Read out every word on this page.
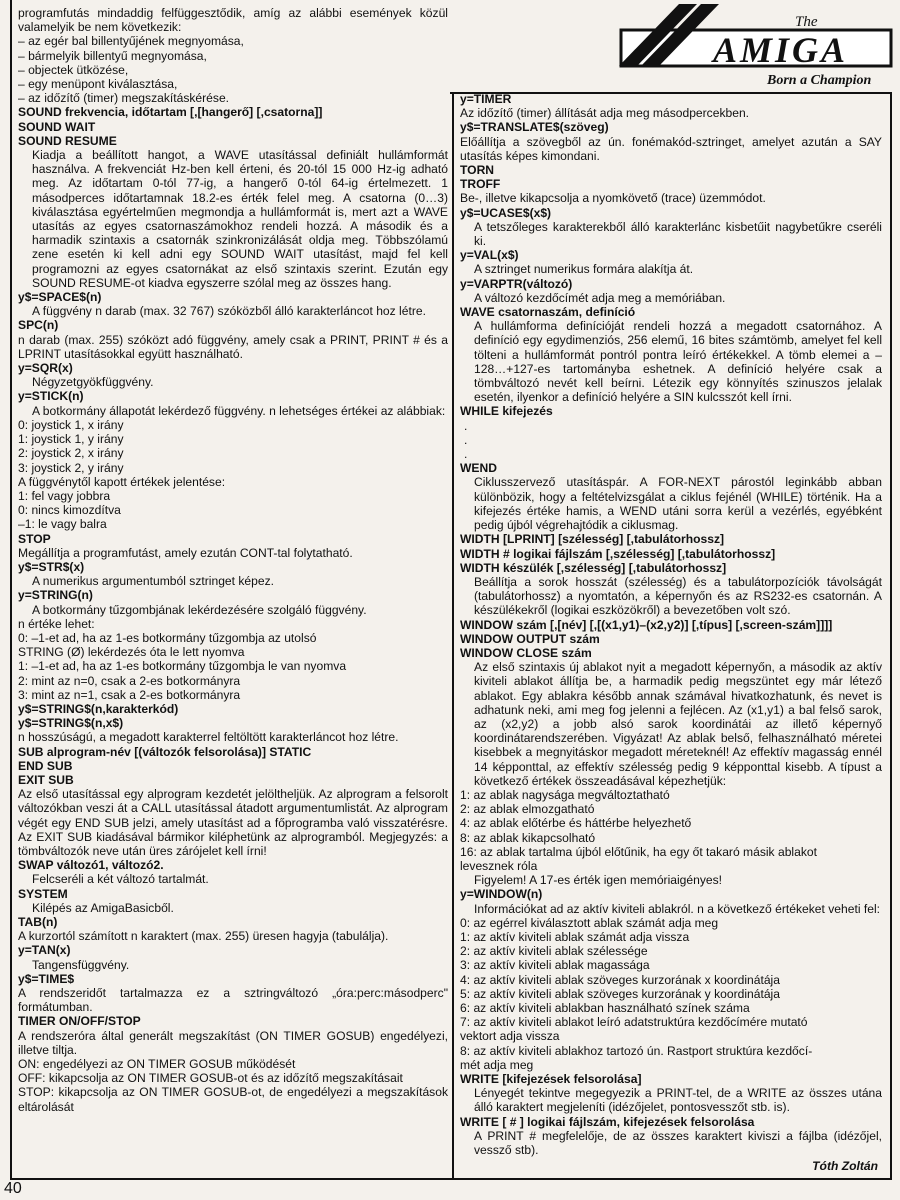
AMIGA
The
Born a Champion
programfutás mindaddig felfüggesztődik, amíg az alábbi események közül valamelyik be nem következik:
– az egér bal billentyűjének megnyomása,
– bármelyik billentyű megnyomása,
– objectek ütközése,
– egy menüpont kiválasztása,
– az időzítő (timer) megszakításkérése.
SOUND frekvencia, időtartam [,[hangerő] [,csatorna]]
SOUND WAIT
SOUND RESUME
Kiadja a beállított hangot, a WAVE utasítással definiált hullámformát használva. A frekvenciát Hz-ben kell érteni, és 20-tól 15 000 Hz-ig adható meg. Az időtartam 0-tól 77-ig, a hangerő 0-tól 64-ig értelmezett. 1 másodperces időtartamnak 18.2-es érték felel meg. A csatorna (0…3) kiválasztása egyértelműen megmondja a hullámformát is, mert azt a WAVE utasítás az egyes csatornaszámokhoz rendeli hozzá. A második és a harmadik szintaxis a csatornák szinkronizálását oldja meg. Többszólamú zene esetén ki kell adni egy SOUND WAIT utasítást, majd fel kell programozni az egyes csatornákat az első szintaxis szerint. Ezután egy SOUND RESUME-ot kiadva egyszerre szólal meg az összes hang.
y$=SPACE$(n)
A függvény n darab (max. 32 767) szóközből álló karakterláncot hoz létre.
SPC(n)
n darab (max. 255) szóközt adó függvény, amely csak a PRINT, PRINT # és a LPRINT utasításokkal együtt használható.
y=SQR(x)
Négyzetgyökfüggvény.
y=STICK(n)
A botkormány állapotát lekérdező függvény. n lehetséges értékei az alábbiak:
0: joystick 1, x irány
1: joystick 1, y irány
2: joystick 2, x irány
3: joystick 2, y irány
A függvénytől kapott értékek jelentése:
1: fel vagy jobbra
0: nincs kimozdítva
–1: le vagy balra
STOP
Megállítja a programfutást, amely ezután CONT-tal folytatható.
y$=STR$(x)
A numerikus argumentumból sztringet képez.
y=STRING(n)
A botkormány tűzgombjának lekérdezésére szolgáló függvény.
n értéke lehet:
0: –1-et ad, ha az 1-es botkormány tűzgombja az utolsó
STRING (Ø) lekérdezés óta le lett nyomva
1: –1-et ad, ha az 1-es botkormány tűzgombja le van nyomva
2: mint az n=0, csak a 2-es botkormányra
3: mint az n=1, csak a 2-es botkormányra
y$=STRING$(n,karakterkód)
y$=STRING$(n,x$)
n hosszúságú, a megadott karakterrel feltöltött karakterláncot hoz létre.
SUB alprogram-név [(változók felsorolása)] STATIC
END SUB
EXIT SUB
Az első utasítással egy alprogram kezdetét jelöltheljük. Az alprogram a felsorolt változókban veszi át a CALL utasítással átadott argumentumlistát. Az alprogram végét egy END SUB jelzi, amely utasítást ad a főprogramba való visszatérésre. Az EXIT SUB kiadásával bármikor kiléphetünk az alprogramból. Megjegyzés: a tömbváltozók neve után üres zárójelet kell írni!
SWAP változó1, változó2.
Felcseréli a két változó tartalmát.
SYSTEM
Kilépés az AmigaBasicből.
TAB(n)
A kurzortól számított n karaktert (max. 255) üresen hagyja (tabulálja).
y=TAN(x)
Tangensfüggvény.
y$=TIME$
A rendszeridőt tartalmazza ez a sztringváltozó „óra:perc:másodperc" formátumban.
TIMER ON/OFF/STOP
A rendszeróra által generált megszakítást (ON TIMER GOSUB) engedélyezi, illetve tiltja.
ON: engedélyezi az ON TIMER GOSUB működését
OFF: kikapcsolja az ON TIMER GOSUB-ot és az időzítő megszakításait
STOP: kikapcsolja az ON TIMER GOSUB-ot, de engedélyezi a megszakítások eltárolását
y=TIMER
Az időzítő (timer) állítását adja meg másodpercekben.
y$=TRANSLATE$(szöveg)
Előállítja a szövegből az ún. fonémakód-sztringet, amelyet azután a SAY utasítás képes kimondani.
TORN
TROFF
Be-, illetve kikapcsolja a nyomkövető (trace) üzemmódot.
y$=UCASE$(x$)
A tetszőleges karakterekből álló karakterlánc kisbetűit nagybetűkre cseréli ki.
y=VAL(x$)
A sztringet numerikus formára alakítja át.
y=VARPTR(változó)
A változó kezdőcímét adja meg a memóriában.
WAVE csatornaszám, definíció
A hullámforma definícióját rendeli hozzá a megadott csatornához. A definíció egy egydimenziós, 256 elemű, 16 bites számtömb, amelyet fel kell tölteni a hullámformát pontról pontra leíró értékekkel. A tömb elemei a –128…+127-es tartományba eshetnek. A definíció helyére csak a tömbváltozó nevét kell beírni. Létezik egy könnyítés szinuszos jelalak esetén, ilyenkor a definíció helyére a SIN kulcsszót kell írni.
WHILE kifejezés
.
.
.
WEND
Ciklusszervező utasításpár. A FOR-NEXT párostól leginkább abban különbözik, hogy a feltételvizsgálat a ciklus fejénél (WHILE) történik. Ha a kifejezés értéke hamis, a WEND utáni sorra kerül a vezérlés, egyébként pedig újból végrehajtódik a ciklusmag.
WIDTH [LPRINT] [szélesség] [,tabulátorhossz]
WIDTH # logikai fájlszám [,szélesség] [,tabulátorhossz]
WIDTH készülék [,szélesség] [,tabulátorhossz]
Beállítja a sorok hosszát (szélesség) és a tabulátorpozíciók távolságát (tabulátorhossz) a nyomtatón, a képernyőn és az RS232-es csatornán. A készülékekről (logikai eszközökről) a bevezetőben volt szó.
WINDOW szám [,[név] [,[(x1,y1)–(x2,y2)] [,típus] [,screen-szám]]]]
WINDOW OUTPUT szám
WINDOW CLOSE szám
Az első szintaxis új ablakot nyit a megadott képernyőn, a második az aktív kiviteli ablakot állítja be, a harmadik pedig megszüntet egy már létező ablakot. Egy ablakra később annak számával hivatkozhatunk, és nevet is adhatunk neki, ami meg fog jelenni a fejlécen. Az (x1,y1) a bal felső sarok, az (x2,y2) a jobb alsó sarok koordinátái az illető képernyő koordinátarendszerében. Vigyázat! Az ablak belső, felhasználható méretei kisebbek a megnyitáskor megadott méreteknél! Az effektív magasság ennél 14 képponttal, az effektív szélesség pedig 9 képponttal kisebb. A típust a következő értékek összeadásával képezhetjük:
1: az ablak nagysága megváltoztatható
2: az ablak elmozgatható
4: az ablak előtérbe és háttérbe helyezhető
8: az ablak kikapcsolható
16: az ablak tartalma újból előtűnik, ha egy őt takaró másik ablakot
levesznek róla
Figyelem! A 17-es érték igen memóriaigényes!
y=WINDOW(n)
Információkat ad az aktív kiviteli ablakról. n a következő értékeket veheti fel:
0: az egérrel kiválasztott ablak számát adja meg
1: az aktív kiviteli ablak számát adja vissza
2: az aktív kiviteli ablak szélessége
3: az aktív kiviteli ablak magassága
4: az aktív kiviteli ablak szöveges kurzorának x koordinátája
5: az aktív kiviteli ablak szöveges kurzorának y koordinátája
6: az aktív kiviteli ablakban használható színek száma
7: az aktív kiviteli ablakot leíró adatstruktúra kezdőcímére mutató
vektort adja vissza
8: az aktív kiviteli ablakhoz tartozó ún. Rastport struktúra kezdőcí-
mét adja meg
WRITE [kifejezések felsorolása]
Lényegét tekintve megegyezik a PRINT-tel, de a WRITE az összes utána álló karaktert megjeleníti (idézőjelet, pontosvesszőt stb. is).
WRITE [ # ] logikai fájlszám, kifejezések felsorolása
A PRINT # megfelelője, de az összes karaktert kiviszi a fájlba (idézőjel, vessző stb).
Tóth Zoltán
40
